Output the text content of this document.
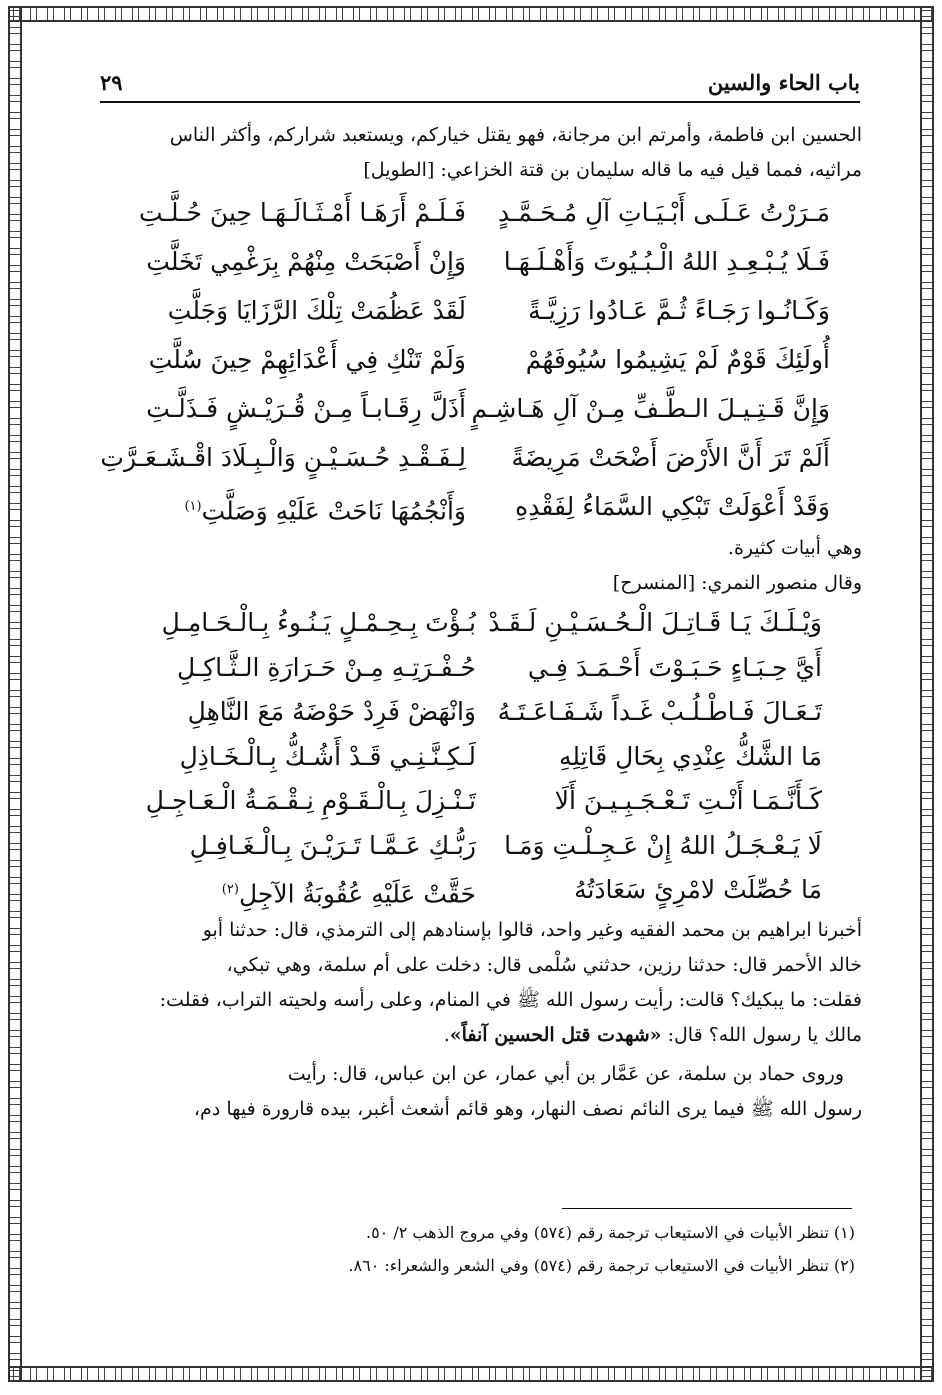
باب الحاء والسين
٢٩

الحسين ابن فاطمة، وأمرتم ابن مرجانة، فهو يقتل خياركم، ويستعبد شراركم، وأكثر الناس
مراثيه، فمما قيل فيه ما قاله سليمان بن قتة الخزاعي: [الطويل]

مَـرَرْتُ عَـلَـى أَبْـيَـاتِ آلِ مُـحَـمَّـدٍ
فَـلَـمْ أَرَهَـا أَمْـثَـالَـهَـا حِينَ حُـلَّـتِ
فَـلَا يُـبْـعِـدِ اللهُ الْـبُـيُوتَ وَأَهْـلَـهَـا
وَإِنْ أَصْبَحَتْ مِنْهُمْ بِرَغْمِي تَخَلَّتِ
وَكَـانُـوا رَجَـاءً ثُـمَّ عَـادُوا رَزِيَّـةً
لَقَدْ عَظُمَتْ تِلْكَ الرَّزَايَا وَجَلَّتِ
أُولَئِكَ قَوْمٌ لَمْ يَشِيمُوا سُيُوفَهُمْ
وَلَمْ تَنْكِ فِي أَعْدَائِهِمْ حِينَ سُلَّتِ
وَإِنَّ قَـتِـيـلَ الـطَّـفِّ مِـنْ آلِ هَـاشِـمٍ
أَذَلَّ رِقَـابـاً مِـنْ قُـرَيْـشٍ فَـذَلَّـتِ
أَلَمْ تَرَ أَنَّ الأَرْضَ أَضْحَتْ مَرِيضَةً
لِـفَـقْـدِ حُـسَـيْـنٍ وَالْـبِـلَادَ اقْـشَـعَـرَّتِ
وَقَدْ أَعْوَلَتْ تَبْكِي السَّمَاءُ لِفَقْدِهِ
وَأَنْجُمُهَا نَاحَتْ عَلَيْهِ وَصَلَّتِ$^{(١)}$

وهي أبيات كثيرة.

وقال منصور النمري: [المنسرح]

وَيْـلَـكَ يَـا قَـاتِـلَ الْـحُـسَـيْـنِ لَـقَـدْ
بُـؤْتَ بِـحِـمْـلٍ يَـنُـوءُ بِـالْـحَـامِـلِ
أَيَّ حِـبَـاءٍ حَـبَـوْتَ أَحْـمَـدَ فِـي
حُـفْـرَتِـهِ مِـنْ حَـرَارَةِ الـثَّـاكِـلِ
تَـعَـالَ فَـاطْـلُـبْ غَـداً شَـفَـاعَـتَـهُ
وَانْهَضْ فَرِدْ حَوْضَهُ مَعَ النَّاهِلِ
مَا الشَّكُّ عِنْدِي بِحَالِ قَاتِلِهِ
لَـكِـنَّـنِـي قَـدْ أَشُـكُّ بِـالْـخَـاذِلِ
كَـأَنَّـمَـا أَنْـتِ تَـعْـجَـبِـيـنَ أَلَا
تَـنْـزِلَ بِـالْـقَـوْمِ نِـقْـمَـةُ الْـعَـاجِـلِ
لَا يَـعْـجَـلُ اللهُ إِنْ عَـجِـلْـتِ وَمَـا
رَبُّـكِ عَـمَّـا تَـرَيْـنَ بِـالْـغَـافِـلِ
مَا حُصِّلَتْ لامْرِئٍ سَعَادَتُهُ
حَقَّتْ عَلَيْهِ عُقُوبَةُ الآجِلِ$^{(٢)}$

أخبرنا ابراهيم بن محمد الفقيه وغير واحد، قالوا بإسنادهم إلى الترمذي، قال: حدثنا أبو
خالد الأحمر قال: حدثنا رزين، حدثني سُلْمى قال: دخلت على أم سلمة، وهي تبكي،
فقلت: ما يبكيك؟ قالت: رأيت رسول الله ﷺ في المنام، وعلى رأسه ولحيته التراب، فقلت:
مالك يا رسول الله؟ قال: «شهدت قتل الحسين آنفاً».

وروى حماد بن سلمة، عن عَمَّار بن أبي عمار، عن ابن عباس، قال: رأيت
رسول الله ﷺ فيما يرى النائم نصف النهار، وهو قائم أشعث أغبر، بيده قارورة فيها دم،

(١) تنظر الأبيات في الاستيعاب ترجمة رقم (٥٧٤) وفي مروج الذهب ٢/ ٥٠.

(٢) تنظر الأبيات في الاستيعاب ترجمة رقم (٥٧٤) وفي الشعر والشعراء: ٨٦٠.
